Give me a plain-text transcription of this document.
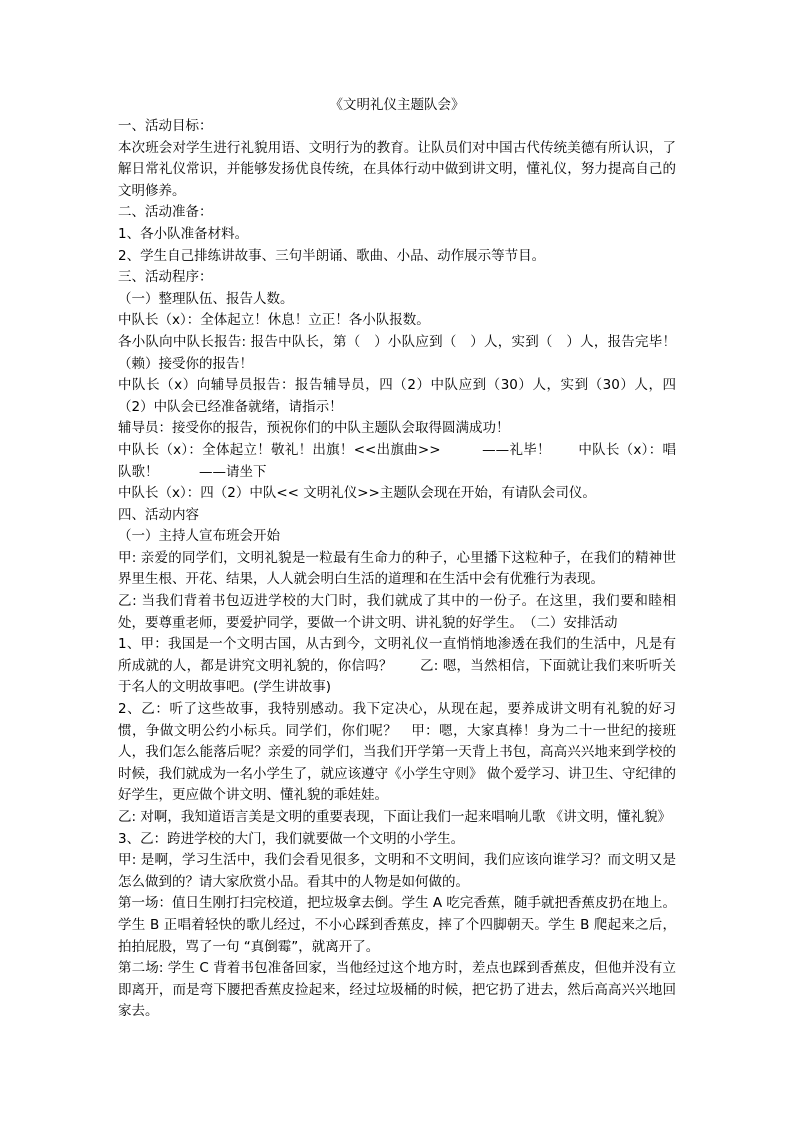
《文明礼仪主题队会》

一、活动目标：

本次班会对学生进行礼貌用语、文明行为的教育。让队员们对中国古代传统美德有所认识，了解日常礼仪常识，并能够发扬优良传统，在具体行动中做到讲文明，懂礼仪，努力提高自己的文明修养。

二、活动准备：

1、各小队准备材料。

2、学生自己排练讲故事、三句半朗诵、歌曲、小品、动作展示等节目。

三、活动程序：

（一）整理队伍、报告人数。

中队长（x）：全体起立！休息！立正！各小队报数。

各小队向中队长报告: 报告中队长，第（　）小队应到（　）人，实到（　）人，报告完毕！（赖）接受你的报告！

中队长（x）向辅导员报告：报告辅导员，四（2）中队应到（30）人，实到（30）人，四（2）中队会已经准备就绪，请指示！

辅导员：接受你的报告，预祝你们的中队主题队会取得圆满成功！

中队长（x）：全体起立！敬礼！出旗！<<出旗曲>>　　　——礼毕！　　中队长（x）：唱队歌！　　　——请坐下

中队长（x）：四（2）中队<< 文明礼仪>>主题队会现在开始，有请队会司仪。

四、活动内容

（一）主持人宣布班会开始

甲: 亲爱的同学们，文明礼貌是一粒最有生命力的种子，心里播下这粒种子，在我们的精神世界里生根、开花、结果，人人就会明白生活的道理和在生活中会有优雅行为表现。

乙: 当我们背着书包迈进学校的大门时，我们就成了其中的一份子。在这里，我们要和睦相处，要尊重老师，要爱护同学，要做一个讲文明、讲礼貌的好学生。　（二）安排活动

1、甲：我国是一个文明古国，从古到今，文明礼仪一直悄悄地渗透在我们的生活中，凡是有所成就的人，都是讲究文明礼貌的，你信吗？　　乙: 嗯，当然相信，下面就让我们来听听关于名人的文明故事吧。(学生讲故事)

2、乙：听了这些故事，我特别感动。我下定决心，从现在起，要养成讲文明有礼貌的好习惯，争做文明公约小标兵。同学们，你们呢？　甲：嗯，大家真棒！身为二十一世纪的接班人，我们怎么能落后呢？亲爱的同学们，当我们开学第一天背上书包，高高兴兴地来到学校的时候，我们就成为一名小学生了，就应该遵守《小学生守则》 做个爱学习、讲卫生、守纪律的好学生，更应做个讲文明、懂礼貌的乖娃娃。

乙: 对啊，我知道语言美是文明的重要表现，下面让我们一起来唱响儿歌 《讲文明，懂礼貌》

3、乙：跨进学校的大门，我们就要做一个文明的小学生。

甲: 是啊，学习生活中，我们会看见很多，文明和不文明间，我们应该向谁学习？而文明又是怎么做到的？请大家欣赏小品。看其中的人物是如何做的。

第一场：值日生刚打扫完校道，把垃圾拿去倒。学生 A 吃完香蕉，随手就把香蕉皮扔在地上。学生 B 正唱着轻快的歌儿经过，不小心踩到香蕉皮，摔了个四脚朝天。学生 B 爬起来之后，拍拍屁股，骂了一句 “真倒霉”，就离开了。

第二场: 学生 C 背着书包准备回家，当他经过这个地方时，差点也踩到香蕉皮，但他并没有立即离开，而是弯下腰把香蕉皮捡起来，经过垃圾桶的时候，把它扔了进去，然后高高兴兴地回家去。
